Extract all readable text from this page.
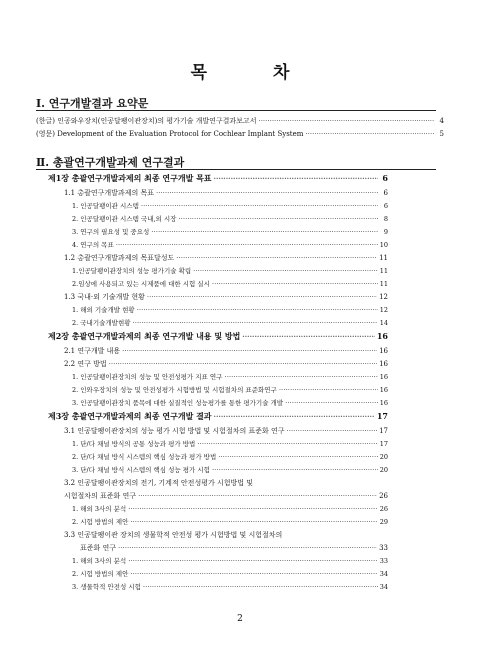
목 차
Ⅰ. 연구개발결과 요약문
(한글) 인공와우장치(인공달팽이관장치)의 평가기술 개발연구결과보고서 ·····	4
(영문) Development of the Evaluation Protocol for Cochlear Implant System ·····	5
Ⅱ. 총괄연구개발과제 연구결과
제1장 총괄연구개발과제의 최종 연구개발 목표 ·····	6
1.1 총괄연구개발과제의 목표 ·····	6
1. 인공달팽이관 시스템 ·····	6
2. 인공달팽이관 시스템 국내,외 시장 ·····	8
3. 연구의 필요성 및 중요성 ·····	9
4. 연구의 목표 ·····	10
1.2 총괄연구개발과제의 목표달성도 ·····	11
1.인공달팽이관장치의 성능 평가기술 확립 ·····	11
2.임상에 사용되고 있는 시제품에 대한 시험 실시 ·····	11
1.3 국내·외 기술개발 현황 ·····	12
1. 해외 기술개발 현황 ·····	12
2. 국내기술개발현황 ·····	14
제2장 총괄연구개발과제의 최종 연구개발 내용 및 방법 ·····	16
2.1 연구개발 내용 ·····	16
2.2 연구 방법 ·····	16
1. 인공달팽이관장치의 성능 및 안전성평가 지표 연구 ·····	16
2. 인와우장치의 성능 및 안전성평가 시험방법 및 시험절차의 표준화연구 ·····	16
3. 인공달팽이관장치 품목에 대한 실질적인 성능평가를 통한 평가기술 개발 ·····	16
제3장 총괄연구개발과제의 최종 연구개발 결과 ·····	17
3.1 인공달팽이관장치의 성능 평가 시험 방법 및 시험절차의 표준화 연구 ·····	17
1. 단/다 채널 방식의 공통 성능과 평가 방법 ·····	17
2. 단/다 채널 방식 시스템의 핵심 성능과 평가 방법 ·····	20
3. 단/다 채널 방식 시스템의 핵심 성능 평가 시험 ·····	20
3.2 인공달팽이관장치의 전기, 기계적 안전성평가 시험방법 및
시험절차의 표준화 연구 ·····	26
1. 해외 3사의 분석 ·····	26
2. 시험 방법의 제안 ·····	29
3.3 인공달팽이관 장치의 생물학적 안전성 평가 시험방법 및 시험절차의
표준화 연구 ·····	33
1. 해외 3사의 분석 ·····	33
2. 시험 방법의 제안 ·····	34
3. 생물학적 안전성 시험 ·····	34
2
